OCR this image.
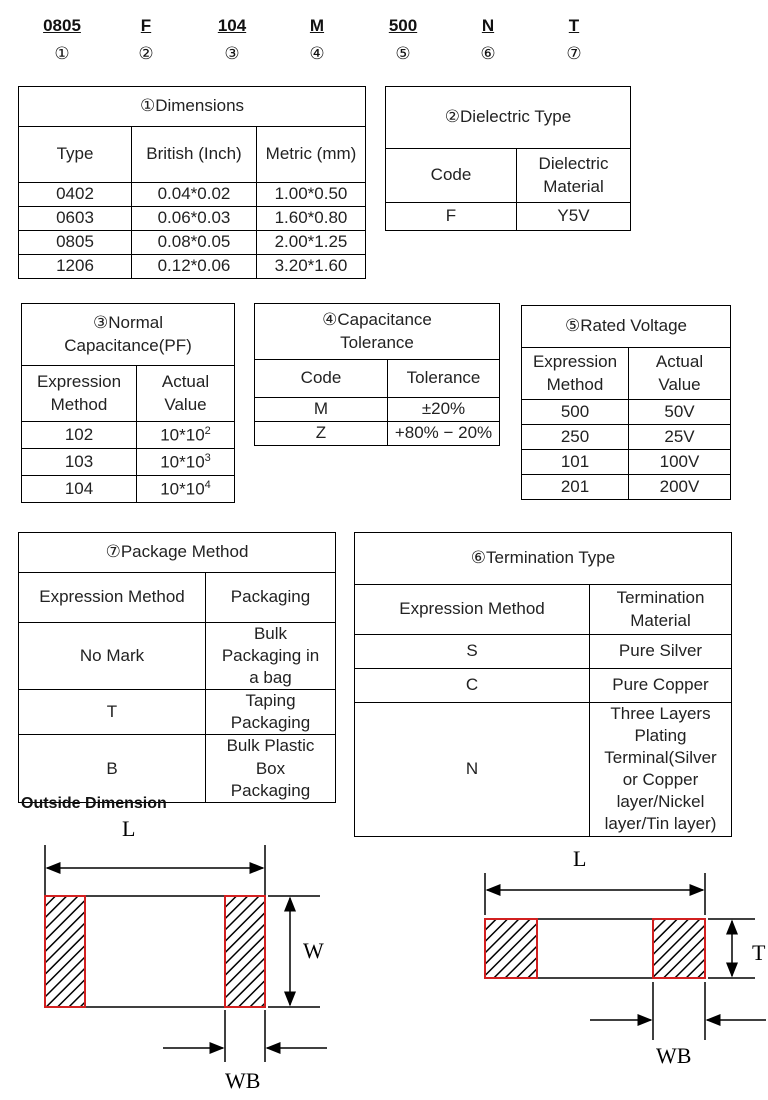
0805	F	104	M	500	N	T
①	②	③	④	⑤	⑥	⑦
①Dimensions		
Type	British (Inch)	Metric (mm)
0402	0.04*0.02	1.00*0.50
0603	0.06*0.03	1.60*0.80
0805	0.08*0.05	2.00*1.25
1206	0.12*0.06	3.20*1.60
②Dielectric Type	
Code	Dielectric Material
F	Y5V
③Normal Capacitance(PF)	
Expression Method	Actual Value
102	$10*10^2$
103	$10*10^3$
104	$10*10^4$
④Capacitance Tolerance	
Code	Tolerance
M	±20%
Z	+80% − 20%
⑤Rated Voltage	
Expression Method	Actual Value
500	50V
250	25V
101	100V
201	200V
⑦Package Method	
Expression Method	Packaging
No Mark	Bulk Packaging in a bag
T	Taping Packaging
B	Bulk Plastic Box Packaging
⑥Termination Type	
Expression Method	Termination Material
S	Pure Silver
C	Pure Copper
N	Three Layers Plating Terminal(Silver or Copper layer/Nickel layer/Tin layer)
Outside Dimension
L
W
WB
L
T
WB
